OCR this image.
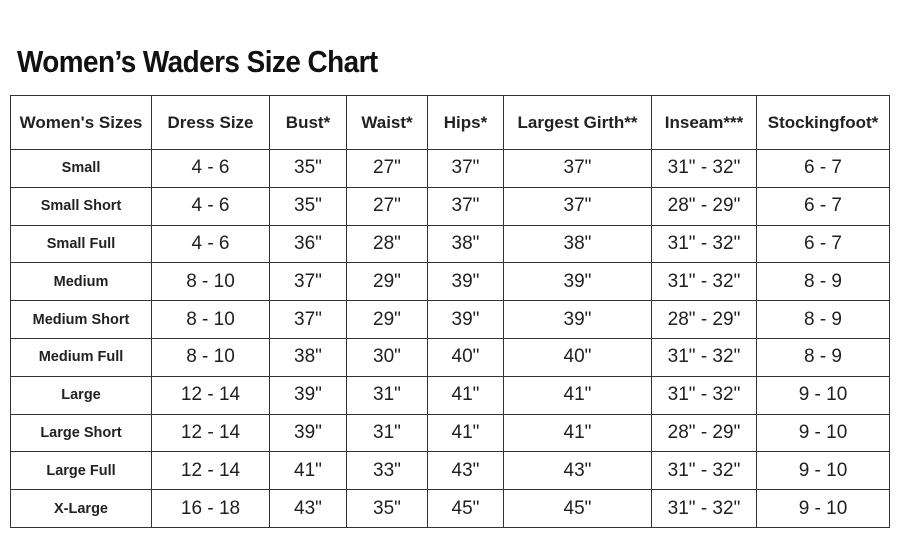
Women’s Waders Size Chart
Women's Sizes	Dress Size	Bust*	Waist*	Hips*	Largest Girth**	Inseam***	Stockingfoot*
Small	4 - 6	35"	27"	37"	37"	31" - 32"	6 - 7
Small Short	4 - 6	35"	27"	37"	37"	28" - 29"	6 - 7
Small Full	4 - 6	36"	28"	38"	38"	31" - 32"	6 - 7
Medium	8 - 10	37"	29"	39"	39"	31" - 32"	8 - 9
Medium Short	8 - 10	37"	29"	39"	39"	28" - 29"	8 - 9
Medium Full	8 - 10	38"	30"	40"	40"	31" - 32"	8 - 9
Large	12 - 14	39"	31"	41"	41"	31" - 32"	9 - 10
Large Short	12 - 14	39"	31"	41"	41"	28" - 29"	9 - 10
Large Full	12 - 14	41"	33"	43"	43"	31" - 32"	9 - 10
X-Large	16 - 18	43"	35"	45"	45"	31" - 32"	9 - 10
